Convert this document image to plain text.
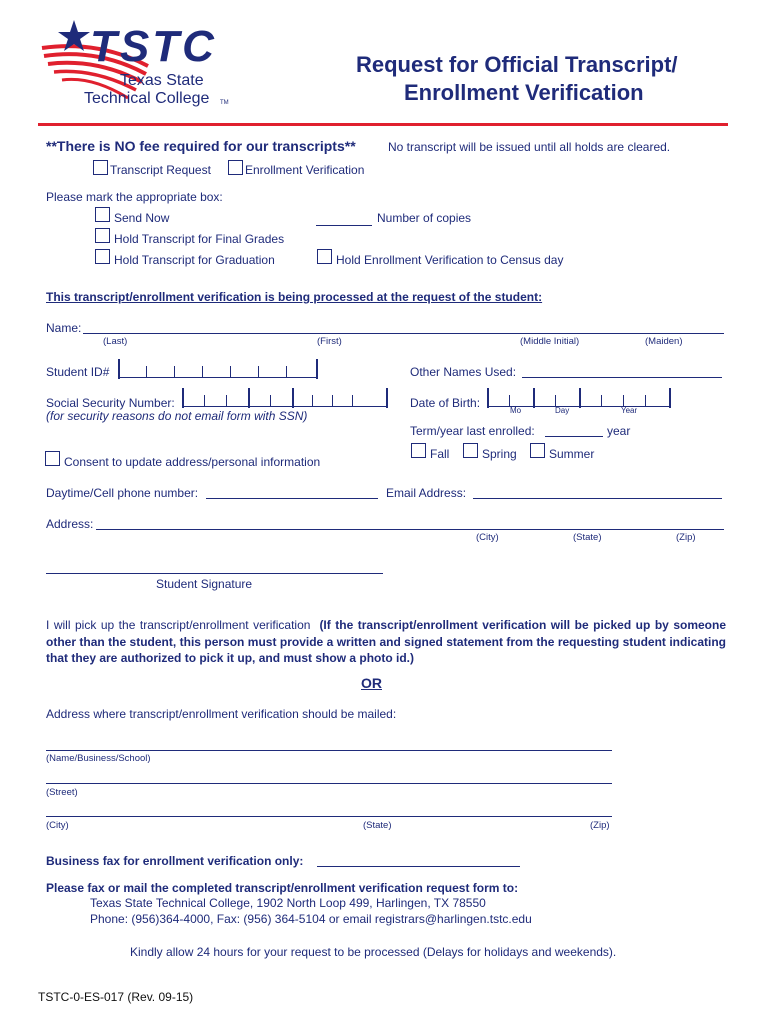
TSTC
Texas State
Technical College TM
Request for Official Transcript/
Enrollment Verification
**There is NO fee required for our transcripts**	No transcript will be issued until all holds are cleared.
Transcript Request	Enrollment Verification
Please mark the appropriate box:
Send Now	Number of copies
Hold Transcript for Final Grades
Hold Transcript for Graduation	Hold Enrollment Verification to Census day
This transcript/enrollment verification is being processed at the request of the student:
Name:
(Last)	(First)	(Middle Initial)	(Maiden)
Student ID#	Other Names Used:
Social Security Number:
(for security reasons do not email form with SSN)
Date of Birth:
Mo	Day	Year
Term/year last enrolled:	year
Fall	Spring	Summer
Consent to update address/personal information
Daytime/Cell phone number:	Email Address:
Address:
(City)	(State)	(Zip)
Student Signature
I will pick up the transcript/enrollment verification (If the transcript/enrollment verification will be picked up by someone other than the student, this person must provide a written and signed statement from the requesting student indicating that they are authorized to pick it up, and must show a photo id.)
OR
Address where transcript/enrollment verification should be mailed:
(Name/Business/School)
(Street)
(City)	(State)	(Zip)
Business fax for enrollment verification only:
Please fax or mail the completed transcript/enrollment verification request form to:
Texas State Technical College, 1902 North Loop 499, Harlingen, TX 78550
Phone: (956)364-4000, Fax: (956) 364-5104 or email registrars@harlingen.tstc.edu
Kindly allow 24 hours for your request to be processed (Delays for holidays and weekends).
TSTC-0-ES-017 (Rev. 09-15)
